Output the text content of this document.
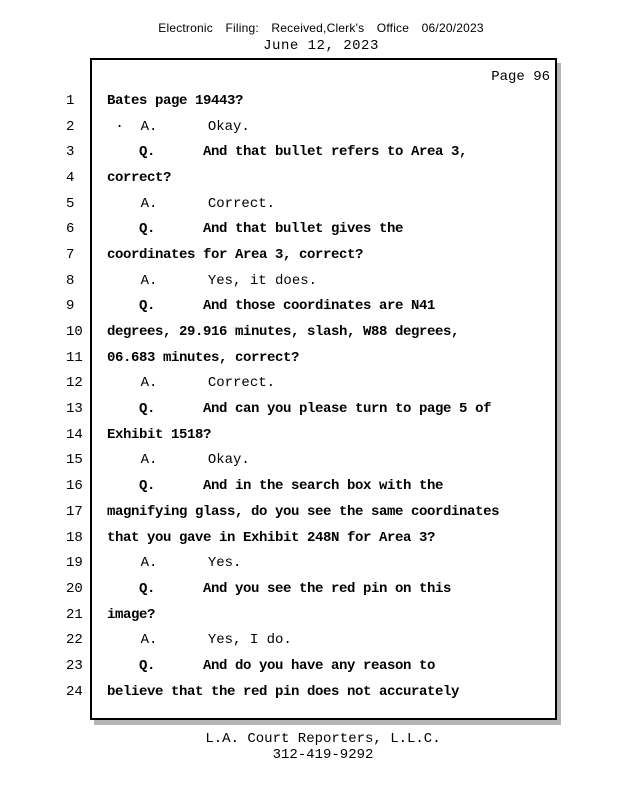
Electronic Filing: Received,Clerk's Office 06/20/2023
June 12, 2023
Page 96
1	Bates page 19443?
2	·  A.      Okay.
3	Q.      And that bullet refers to Area 3,
4	correct?
5	A.      Correct.
6	Q.      And that bullet gives the
7	coordinates for Area 3, correct?
8	A.      Yes, it does.
9	Q.      And those coordinates are N41
10	degrees, 29.916 minutes, slash, W88 degrees,
11	06.683 minutes, correct?
12	A.      Correct.
13	Q.      And can you please turn to page 5 of
14	Exhibit 1518?
15	A.      Okay.
16	Q.      And in the search box with the
17	magnifying glass, do you see the same coordinates
18	that you gave in Exhibit 248N for Area 3?
19	A.      Yes.
20	Q.      And you see the red pin on this
21	image?
22	A.      Yes, I do.
23	Q.      And do you have any reason to
24	believe that the red pin does not accurately
L.A. Court Reporters, L.L.C.
312-419-9292
